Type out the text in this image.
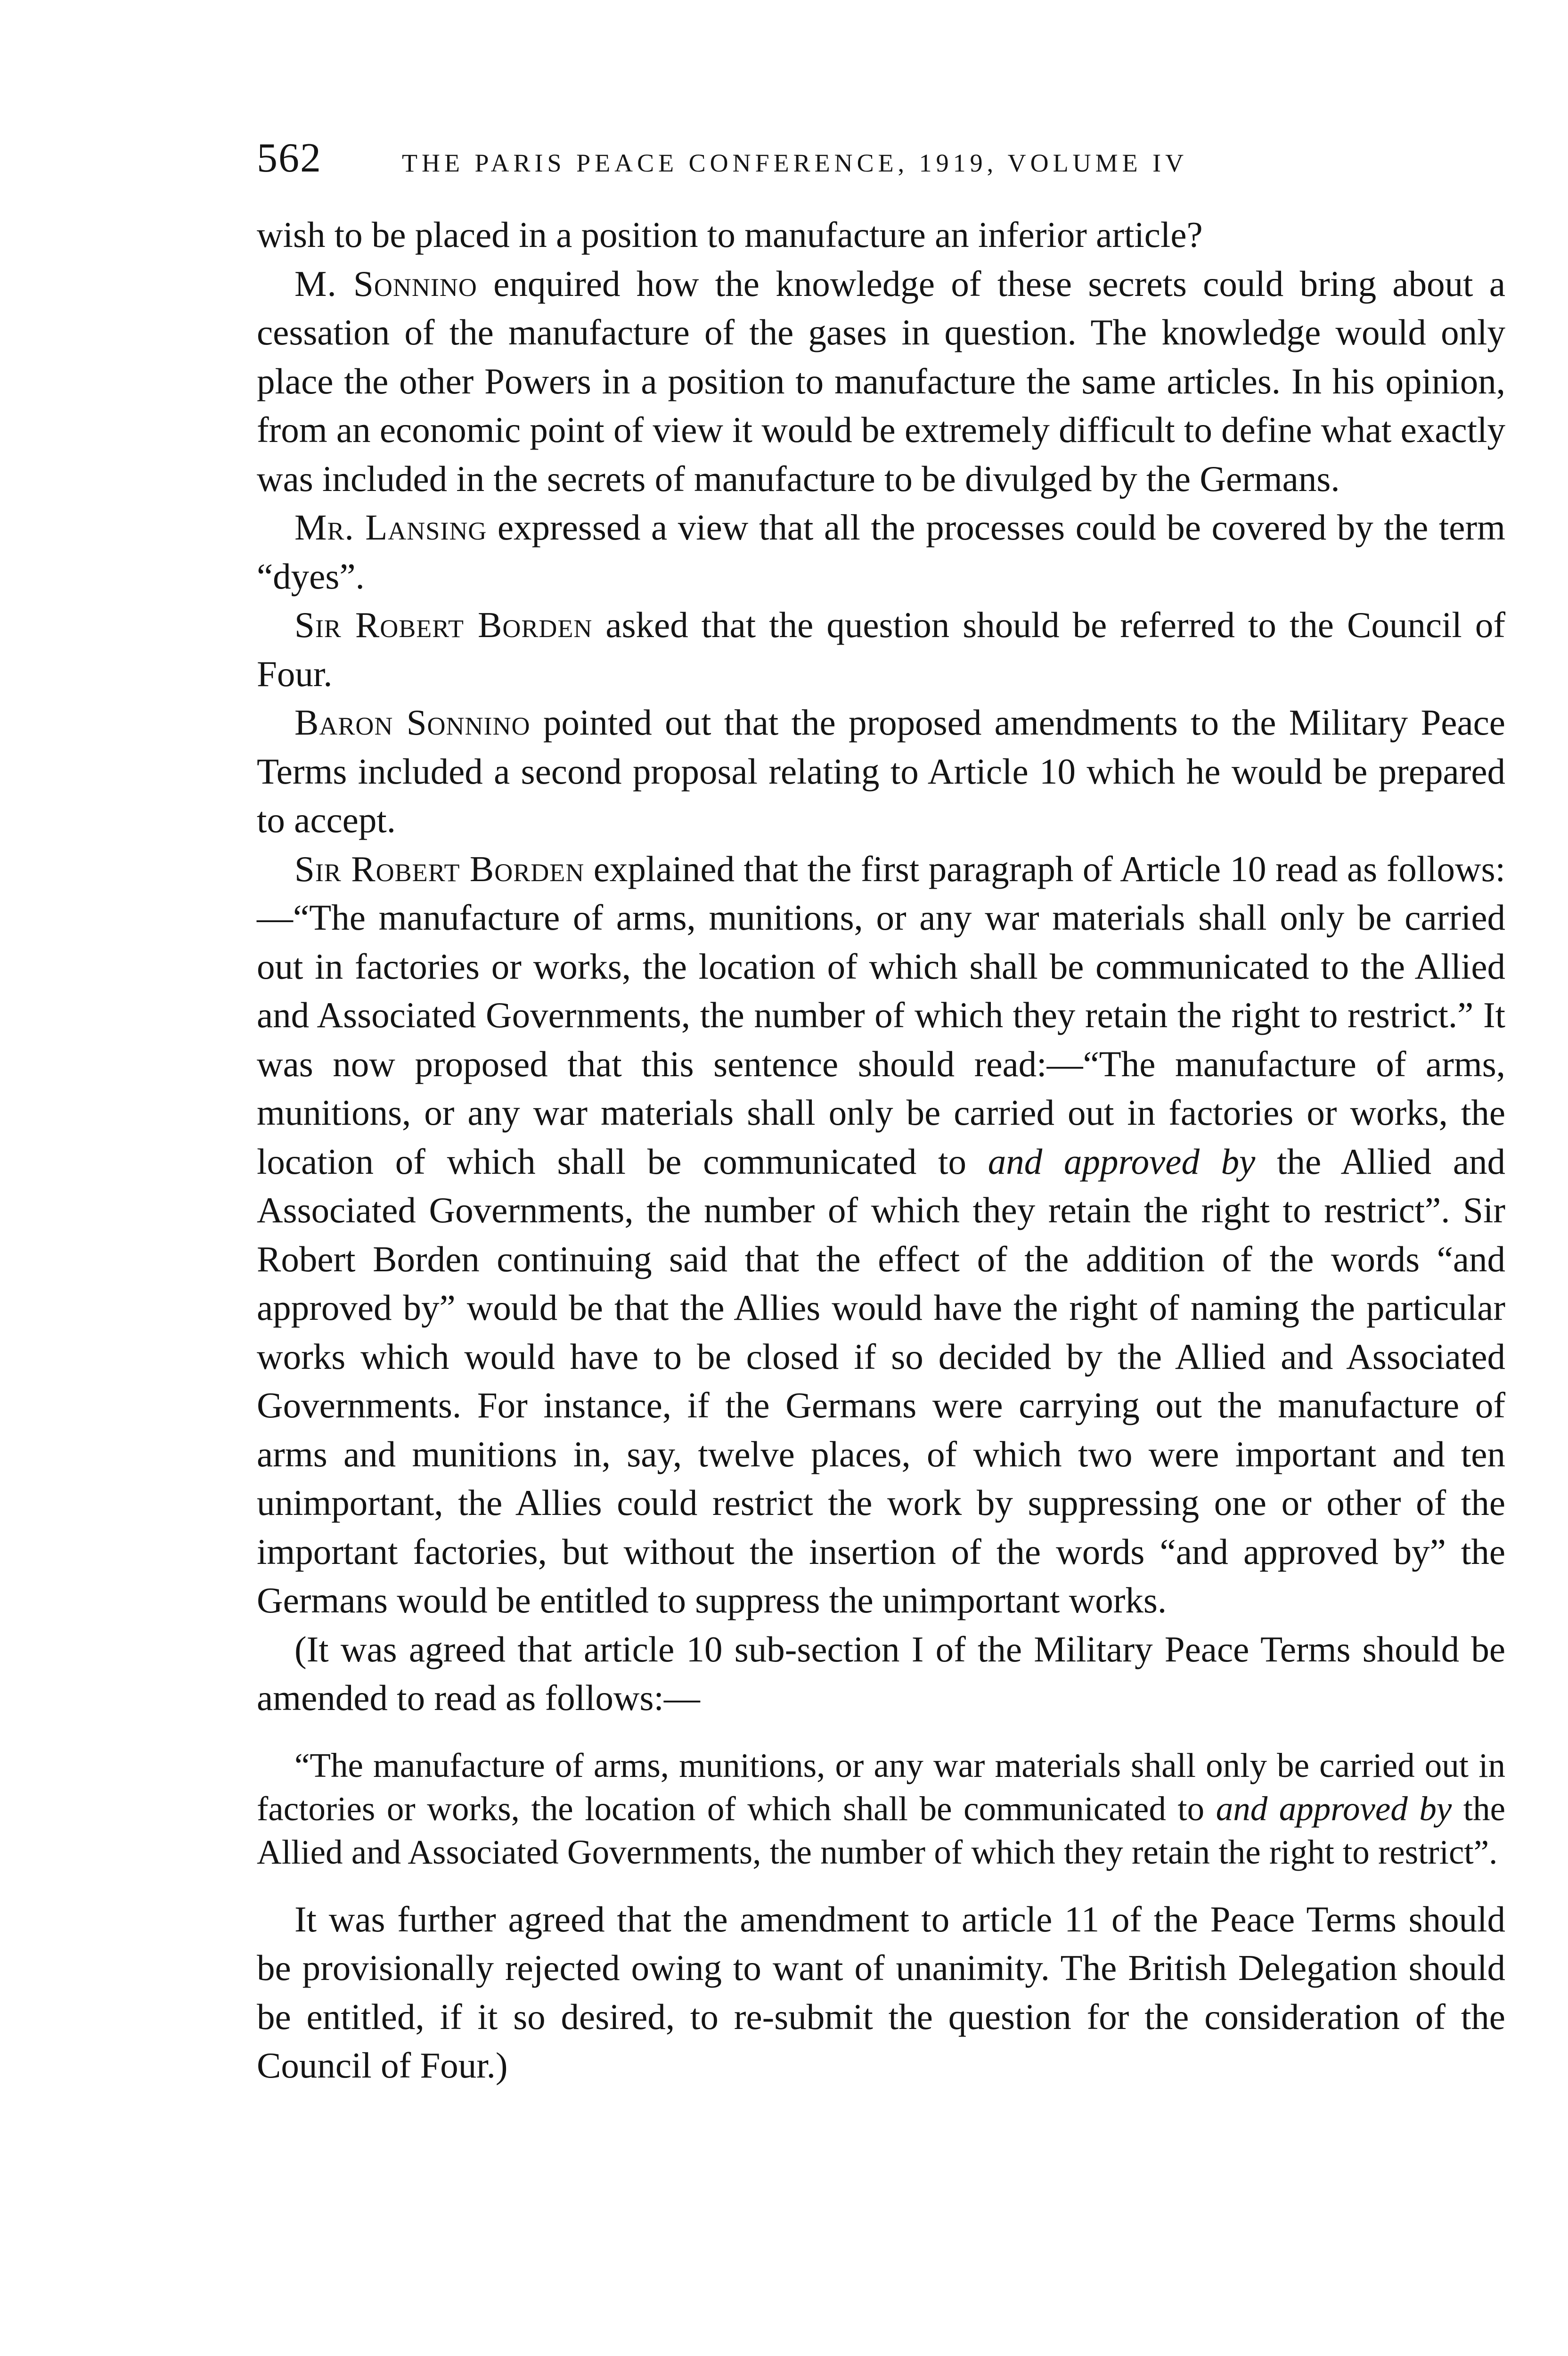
562	THE PARIS PEACE CONFERENCE, 1919, VOLUME IV

wish to be placed in a position to manufacture an inferior article?

M. Sonnino enquired how the knowledge of these secrets could bring about a cessation of the manufacture of the gases in question. The knowledge would only place the other Powers in a position to manufacture the same articles. In his opinion, from an economic point of view it would be extremely difficult to define what exactly was included in the secrets of manufacture to be divulged by the Germans.

Mr. Lansing expressed a view that all the processes could be covered by the term “dyes”.

Sir Robert Borden asked that the question should be referred to the Council of Four.

Baron Sonnino pointed out that the proposed amendments to the Military Peace Terms included a second proposal relating to Article 10 which he would be prepared to accept.

Sir Robert Borden explained that the first paragraph of Article 10 read as follows:—“The manufacture of arms, munitions, or any war materials shall only be carried out in factories or works, the location of which shall be communicated to the Allied and Associated Governments, the number of which they retain the right to restrict.” It was now proposed that this sentence should read:—“The manufacture of arms, munitions, or any war materials shall only be carried out in factories or works, the location of which shall be communicated to and approved by the Allied and Associated Governments, the number of which they retain the right to restrict”. Sir Robert Borden continuing said that the effect of the addition of the words “and approved by” would be that the Allies would have the right of naming the particular works which would have to be closed if so decided by the Allied and Associated Governments. For instance, if the Germans were carrying out the manufacture of arms and munitions in, say, twelve places, of which two were important and ten unimportant, the Allies could restrict the work by suppressing one or other of the important factories, but without the insertion of the words “and approved by” the Germans would be entitled to suppress the unimportant works.

(It was agreed that article 10 sub-section I of the Military Peace Terms should be amended to read as follows:—

“The manufacture of arms, munitions, or any war materials shall only be carried out in factories or works, the location of which shall be communicated to and approved by the Allied and Associated Governments, the number of which they retain the right to restrict”.

It was further agreed that the amendment to article 11 of the Peace Terms should be provisionally rejected owing to want of unanimity. The British Delegation should be entitled, if it so desired, to re-submit the question for the consideration of the Council of Four.)
